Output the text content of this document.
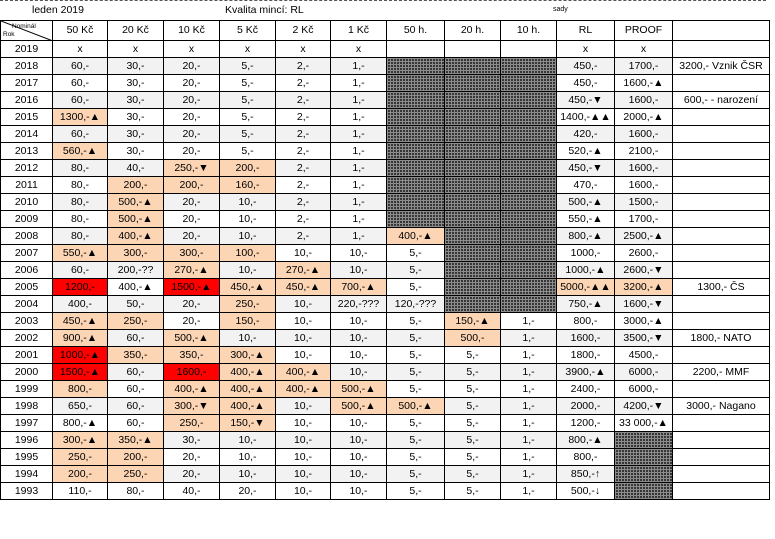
leden 2019	Kvalita mincí: RL	sady
Nominál
Rok	50 Kč	20 Kč	10 Kč	5 Kč	2 Kč	1 Kč	50 h.	20 h.	10 h.	RL	PROOF	
2019	x	x	x	x	x	x				x	x	
2018	60,-	30,-	20,-	5,-	2,-	1,-				450,-	1700,-	3200,- Vznik ČSR
2017	60,-	30,-	20,-	5,-	2,-	1,-				450,-	1600,-▲	
2016	60,-	30,-	20,-	5,-	2,-	1,-				450,-▼	1600,-	600,- - narození
2015	1300,-▲	30,-	20,-	5,-	2,-	1,-				1400,-▲▲	2000,-▲	
2014	60,-	30,-	20,-	5,-	2,-	1,-				420,-	1600,-	
2013	560,-▲	30,-	20,-	5,-	2,-	1,-				520,-▲	2100,-	
2012	80,-	40,-	250,-▼	200,-	2,-	1,-				450,-▼	1600,-	
2011	80,-	200,-	200,-	160,-	2,-	1,-				470,-	1600,-	
2010	80,-	500,-▲	20,-	10,-	2,-	1,-				500,-▲	1500,-	
2009	80,-	500,-▲	20,-	10,-	2,-	1,-				550,-▲	1700,-	
2008	80,-	400,-▲	20,-	10,-	2,-	1,-	400,-▲			800,-▲	2500,-▲	
2007	550,-▲	300,-	300,-	100,-	10,-	10,-	5,-			1000,-	2600,-	
2006	60,-	200,-??	270,-▲	10,-	270,-▲	10,-	5,-			1000,-▲	2600,-▼	
2005	1200,-	400,-▲	1500,-▲	450,-▲	450,-▲	700,-▲	5,-			5000,-▲▲	3200,-▲	1300,- ČS
2004	400,-	50,-	20,-	250,-	10,-	220,-???	120,-???			750,-▲	1600,-▼	
2003	450,-▲	250,-	20,-	150,-	10,-	10,-	5,-	150,-▲	1,-	800,-	3000,-▲	
2002	900,-▲	60,-	500,-▲	10,-	10,-	10,-	5,-	500,-	1,-	1600,-	3500,-▼	1800,- NATO
2001	1000,-▲	350,-	350,-	300,-▲	10,-	10,-	5,-	5,-	1,-	1800,-	4500,-	
2000	1500,-▲	60,-	1600,-	400,-▲	400,-▲	10,-	5,-	5,-	1,-	3900,-▲	6000,-	2200,- MMF
1999	800,-	60,-	400,-▲	400,-▲	400,-▲	500,-▲	5,-	5,-	1,-	2400,-	6000,-	
1998	650,-	60,-	300,-▼	400,-▲	10,-	500,-▲	500,-▲	5,-	1,-	2000,-	4200,-▼	3000,- Nagano
1997	800,-▲	60,-	250,-	150,-▼	10,-	10,-	5,-	5,-	1,-	1200,-	33 000,-▲	
1996	300,-▲	350,-▲	30,-	10,-	10,-	10,-	5,-	5,-	1,-	800,-▲		
1995	250,-	200,-	20,-	10,-	10,-	10,-	5,-	5,-	1,-	800,-		
1994	200,-	250,-	20,-	10,-	10,-	10,-	5,-	5,-	1,-	850,-↑		
1993	110,-	80,-	40,-	20,-	10,-	10,-	5,-	5,-	1,-	500,-↓		
